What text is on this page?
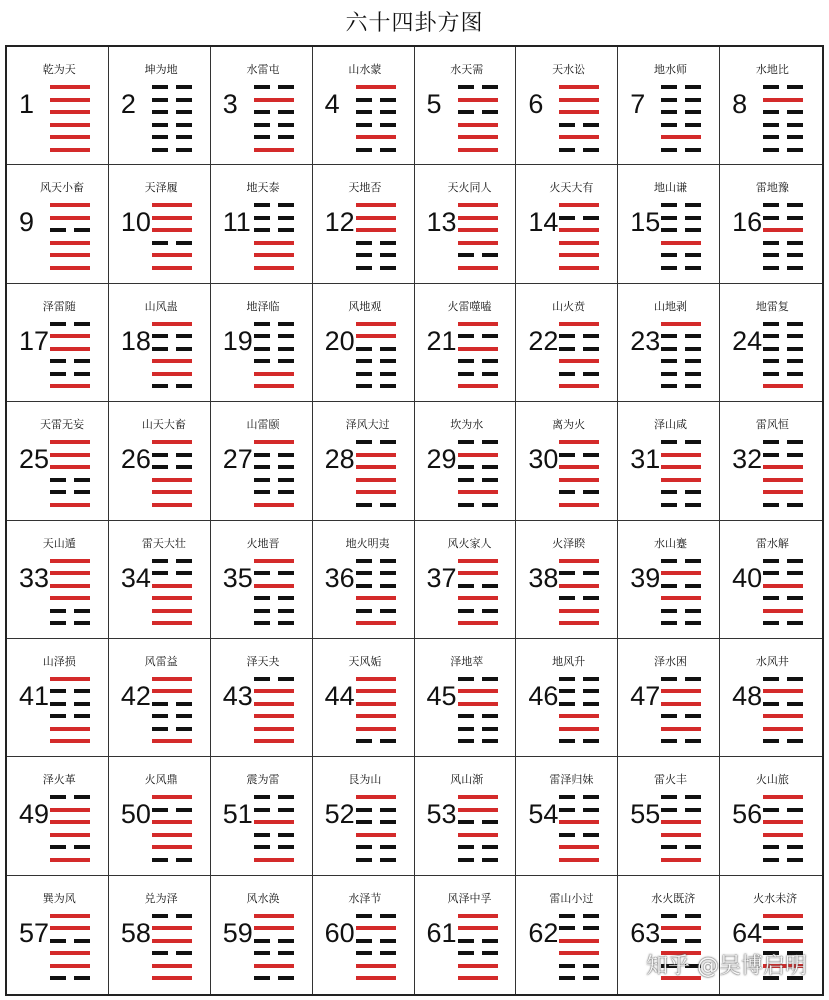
六十四卦方图
乾为天
1
坤为地
2
水雷屯
3
山水蒙
4
水天需
5
天水讼
6
地水师
7
水地比
8
风天小畜
9
天泽履
10
地天泰
11
天地否
12
天火同人
13
火天大有
14
地山谦
15
雷地豫
16
泽雷随
17
山风蛊
18
地泽临
19
风地观
20
火雷噬嗑
21
山火贲
22
山地剥
23
地雷复
24
天雷无妄
25
山天大畜
26
山雷颐
27
泽风大过
28
坎为水
29
离为火
30
泽山咸
31
雷风恒
32
天山遁
33
雷天大壮
34
火地晋
35
地火明夷
36
风火家人
37
火泽睽
38
水山蹇
39
雷水解
40
山泽损
41
风雷益
42
泽天夬
43
天风姤
44
泽地萃
45
地风升
46
泽水困
47
水风井
48
泽火革
49
火风鼎
50
震为雷
51
艮为山
52
风山渐
53
雷泽归妹
54
雷火丰
55
火山旅
56
巽为风
57
兑为泽
58
风水涣
59
水泽节
60
风泽中孚
61
雷山小过
62
水火既济
63
火水未济
64
知乎 @吴博启明
